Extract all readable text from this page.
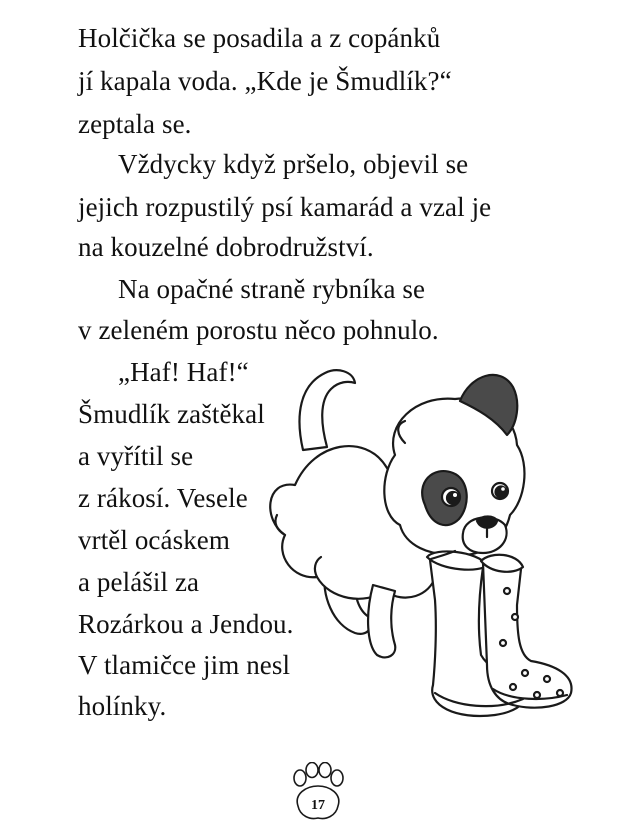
Holčička se posadila a z copánků
jí kapala voda. „Kde je Šmudlík?“
zeptala se.
Vždycky když pršelo, objevil se
jejich rozpustilý psí kamarád a vzal je
na kouzelné dobrodružství.
Na opačné straně rybníka se
v zeleném porostu něco pohnulo.
„Haf! Haf!“
Šmudlík zaštěkal
a vyřítil se
z rákosí. Vesele
vrtěl ocáskem
a pelášil za
Rozárkou a Jendou.
V tlamičce jim nesl
holínky.
17
